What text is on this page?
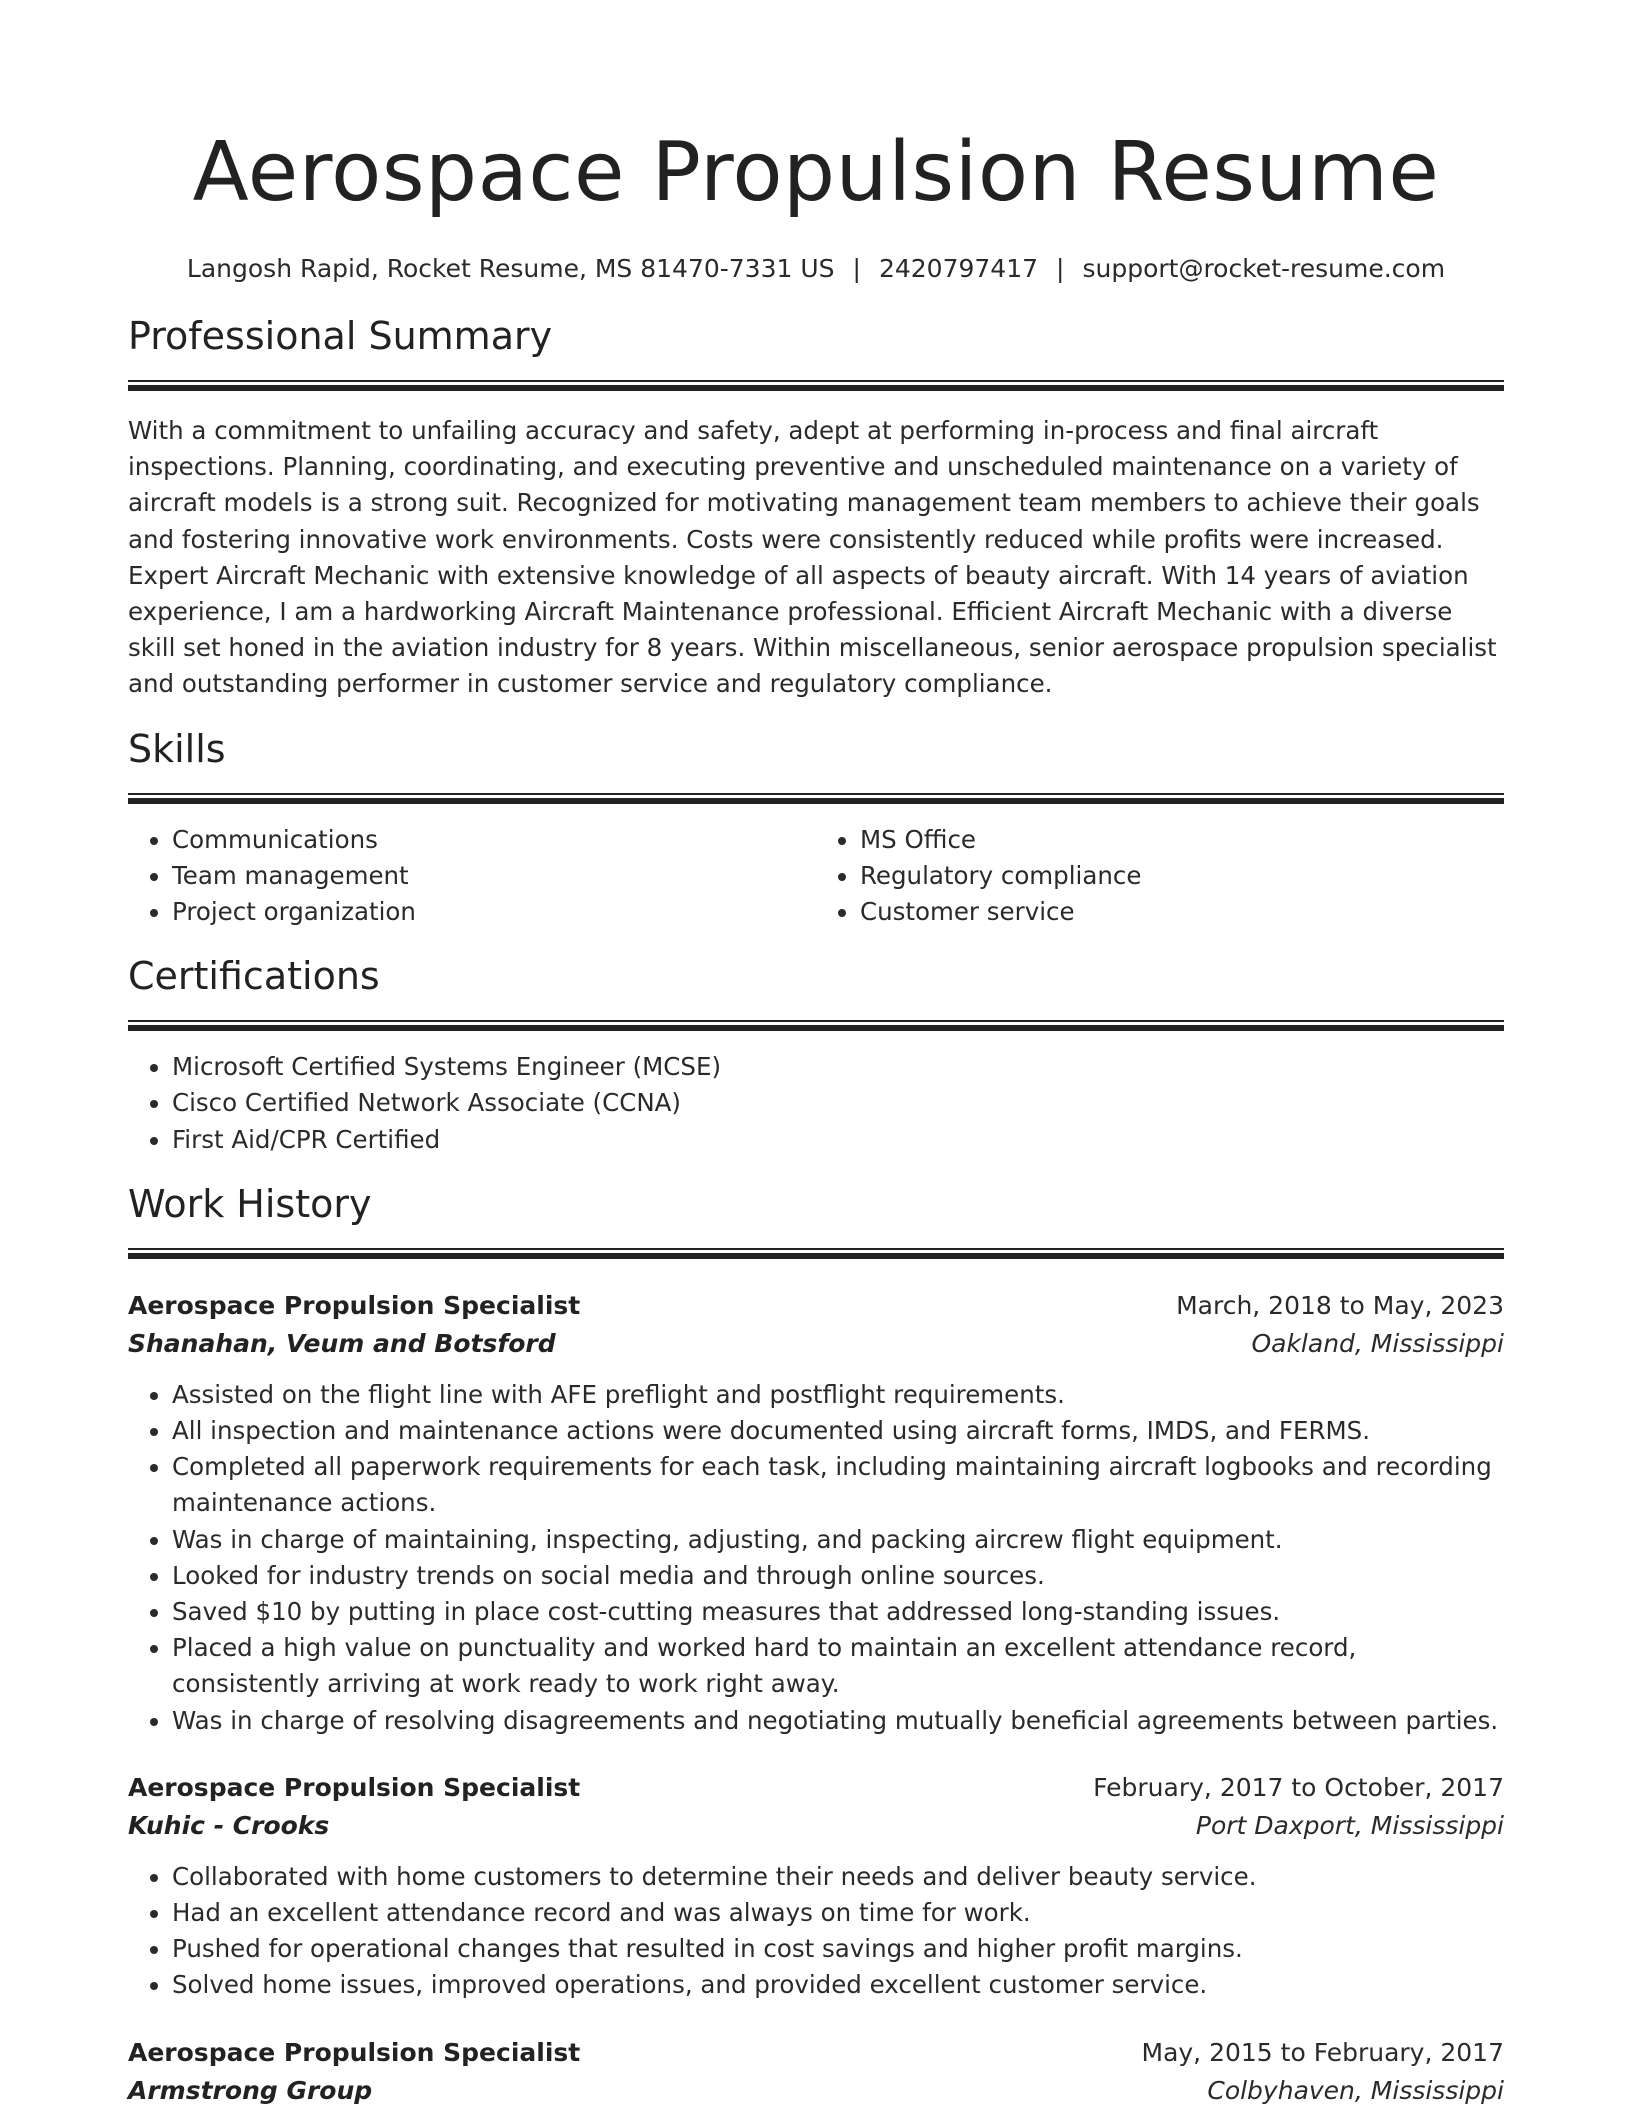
Aerospace Propulsion Resume
Langosh Rapid, Rocket Resume, MS 81470-7331 US | 2420797417 | support@rocket-resume.com
Professional Summary

With a commitment to unfailing accuracy and safety, adept at performing in-process and final aircraft inspections. Planning, coordinating, and executing preventive and unscheduled maintenance on a variety of aircraft models is a strong suit. Recognized for motivating management team members to achieve their goals and fostering innovative work environments. Costs were consistently reduced while profits were increased. Expert Aircraft Mechanic with extensive knowledge of all aspects of beauty aircraft. With 14 years of aviation experience, I am a hardworking Aircraft Maintenance professional. Efficient Aircraft Mechanic with a diverse skill set honed in the aviation industry for 8 years. Within miscellaneous, senior aerospace propulsion specialist and outstanding performer in customer service and regulatory compliance.

Skills
• Communications
• Team management
• Project organization
• MS Office
• Regulatory compliance
• Customer service
Certifications
• Microsoft Certified Systems Engineer (MCSE)
• Cisco Certified Network Associate (CCNA)
• First Aid/CPR Certified
Work History
Aerospace Propulsion Specialist	March, 2018 to May, 2023
Shanahan, Veum and Botsford	Oakland, Mississippi
• Assisted on the flight line with AFE preflight and postflight requirements.
• All inspection and maintenance actions were documented using aircraft forms, IMDS, and FERMS.
• Completed all paperwork requirements for each task, including maintaining aircraft logbooks and recording maintenance actions.
• Was in charge of maintaining, inspecting, adjusting, and packing aircrew flight equipment.
• Looked for industry trends on social media and through online sources.
• Saved $10 by putting in place cost-cutting measures that addressed long-standing issues.
• Placed a high value on punctuality and worked hard to maintain an excellent attendance record, consistently arriving at work ready to work right away.
• Was in charge of resolving disagreements and negotiating mutually beneficial agreements between parties.
Aerospace Propulsion Specialist	February, 2017 to October, 2017
Kuhic - Crooks	Port Daxport, Mississippi
• Collaborated with home customers to determine their needs and deliver beauty service.
• Had an excellent attendance record and was always on time for work.
• Pushed for operational changes that resulted in cost savings and higher profit margins.
• Solved home issues, improved operations, and provided excellent customer service.
Aerospace Propulsion Specialist	May, 2015 to February, 2017
Armstrong Group	Colbyhaven, Mississippi
